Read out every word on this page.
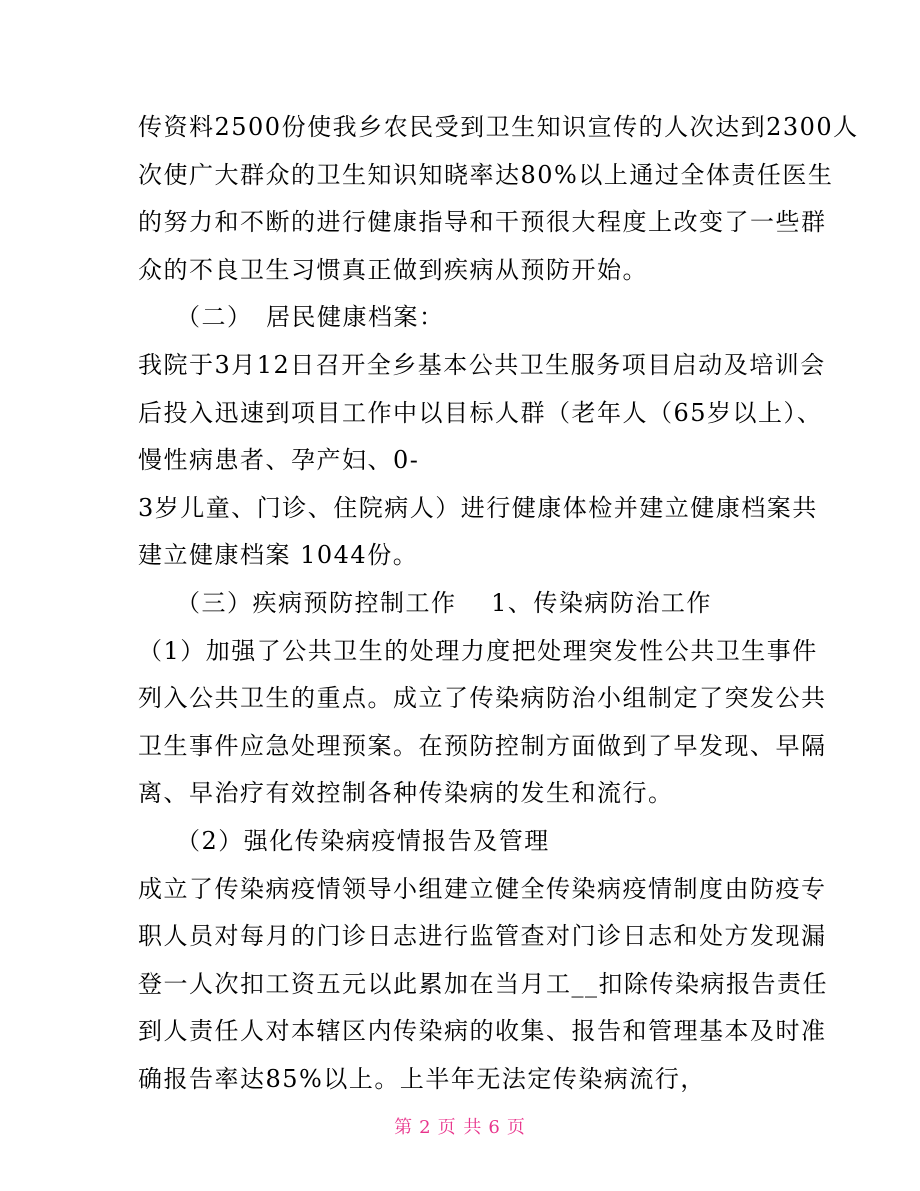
传资料2500份使我乡农民受到卫生知识宣传的人次达到2300人
次使广大群众的卫生知识知晓率达80%以上通过全体责任医生
的努力和不断的进行健康指导和干预很大程度上改变了一些群
众的不良卫生习惯真正做到疾病从预防开始。
（二）　居民健康档案：
我院于3月12日召开全乡基本公共卫生服务项目启动及培训会
后投入迅速到项目工作中以目标人群（老年人（65岁以上）、
慢性病患者、孕产妇、0-
3岁儿童、门诊、住院病人）进行健康体检并建立健康档案共
建立健康档案 1044份。
（三）疾病预防控制工作　 1、传染病防治工作
（1）加强了公共卫生的处理力度把处理突发性公共卫生事件
列入公共卫生的重点。成立了传染病防治小组制定了突发公共
卫生事件应急处理预案。在预防控制方面做到了早发现、早隔
离、早治疗有效控制各种传染病的发生和流行。
（2）强化传染病疫情报告及管理
成立了传染病疫情领导小组建立健全传染病疫情制度由防疫专
职人员对每月的门诊日志进行监管查对门诊日志和处方发现漏
登一人次扣工资五元以此累加在当月工__扣除传染病报告责任
到人责任人对本辖区内传染病的收集、报告和管理基本及时准
确报告率达85%以上。上半年无法定传染病流行，
第 2 页 共 6 页
